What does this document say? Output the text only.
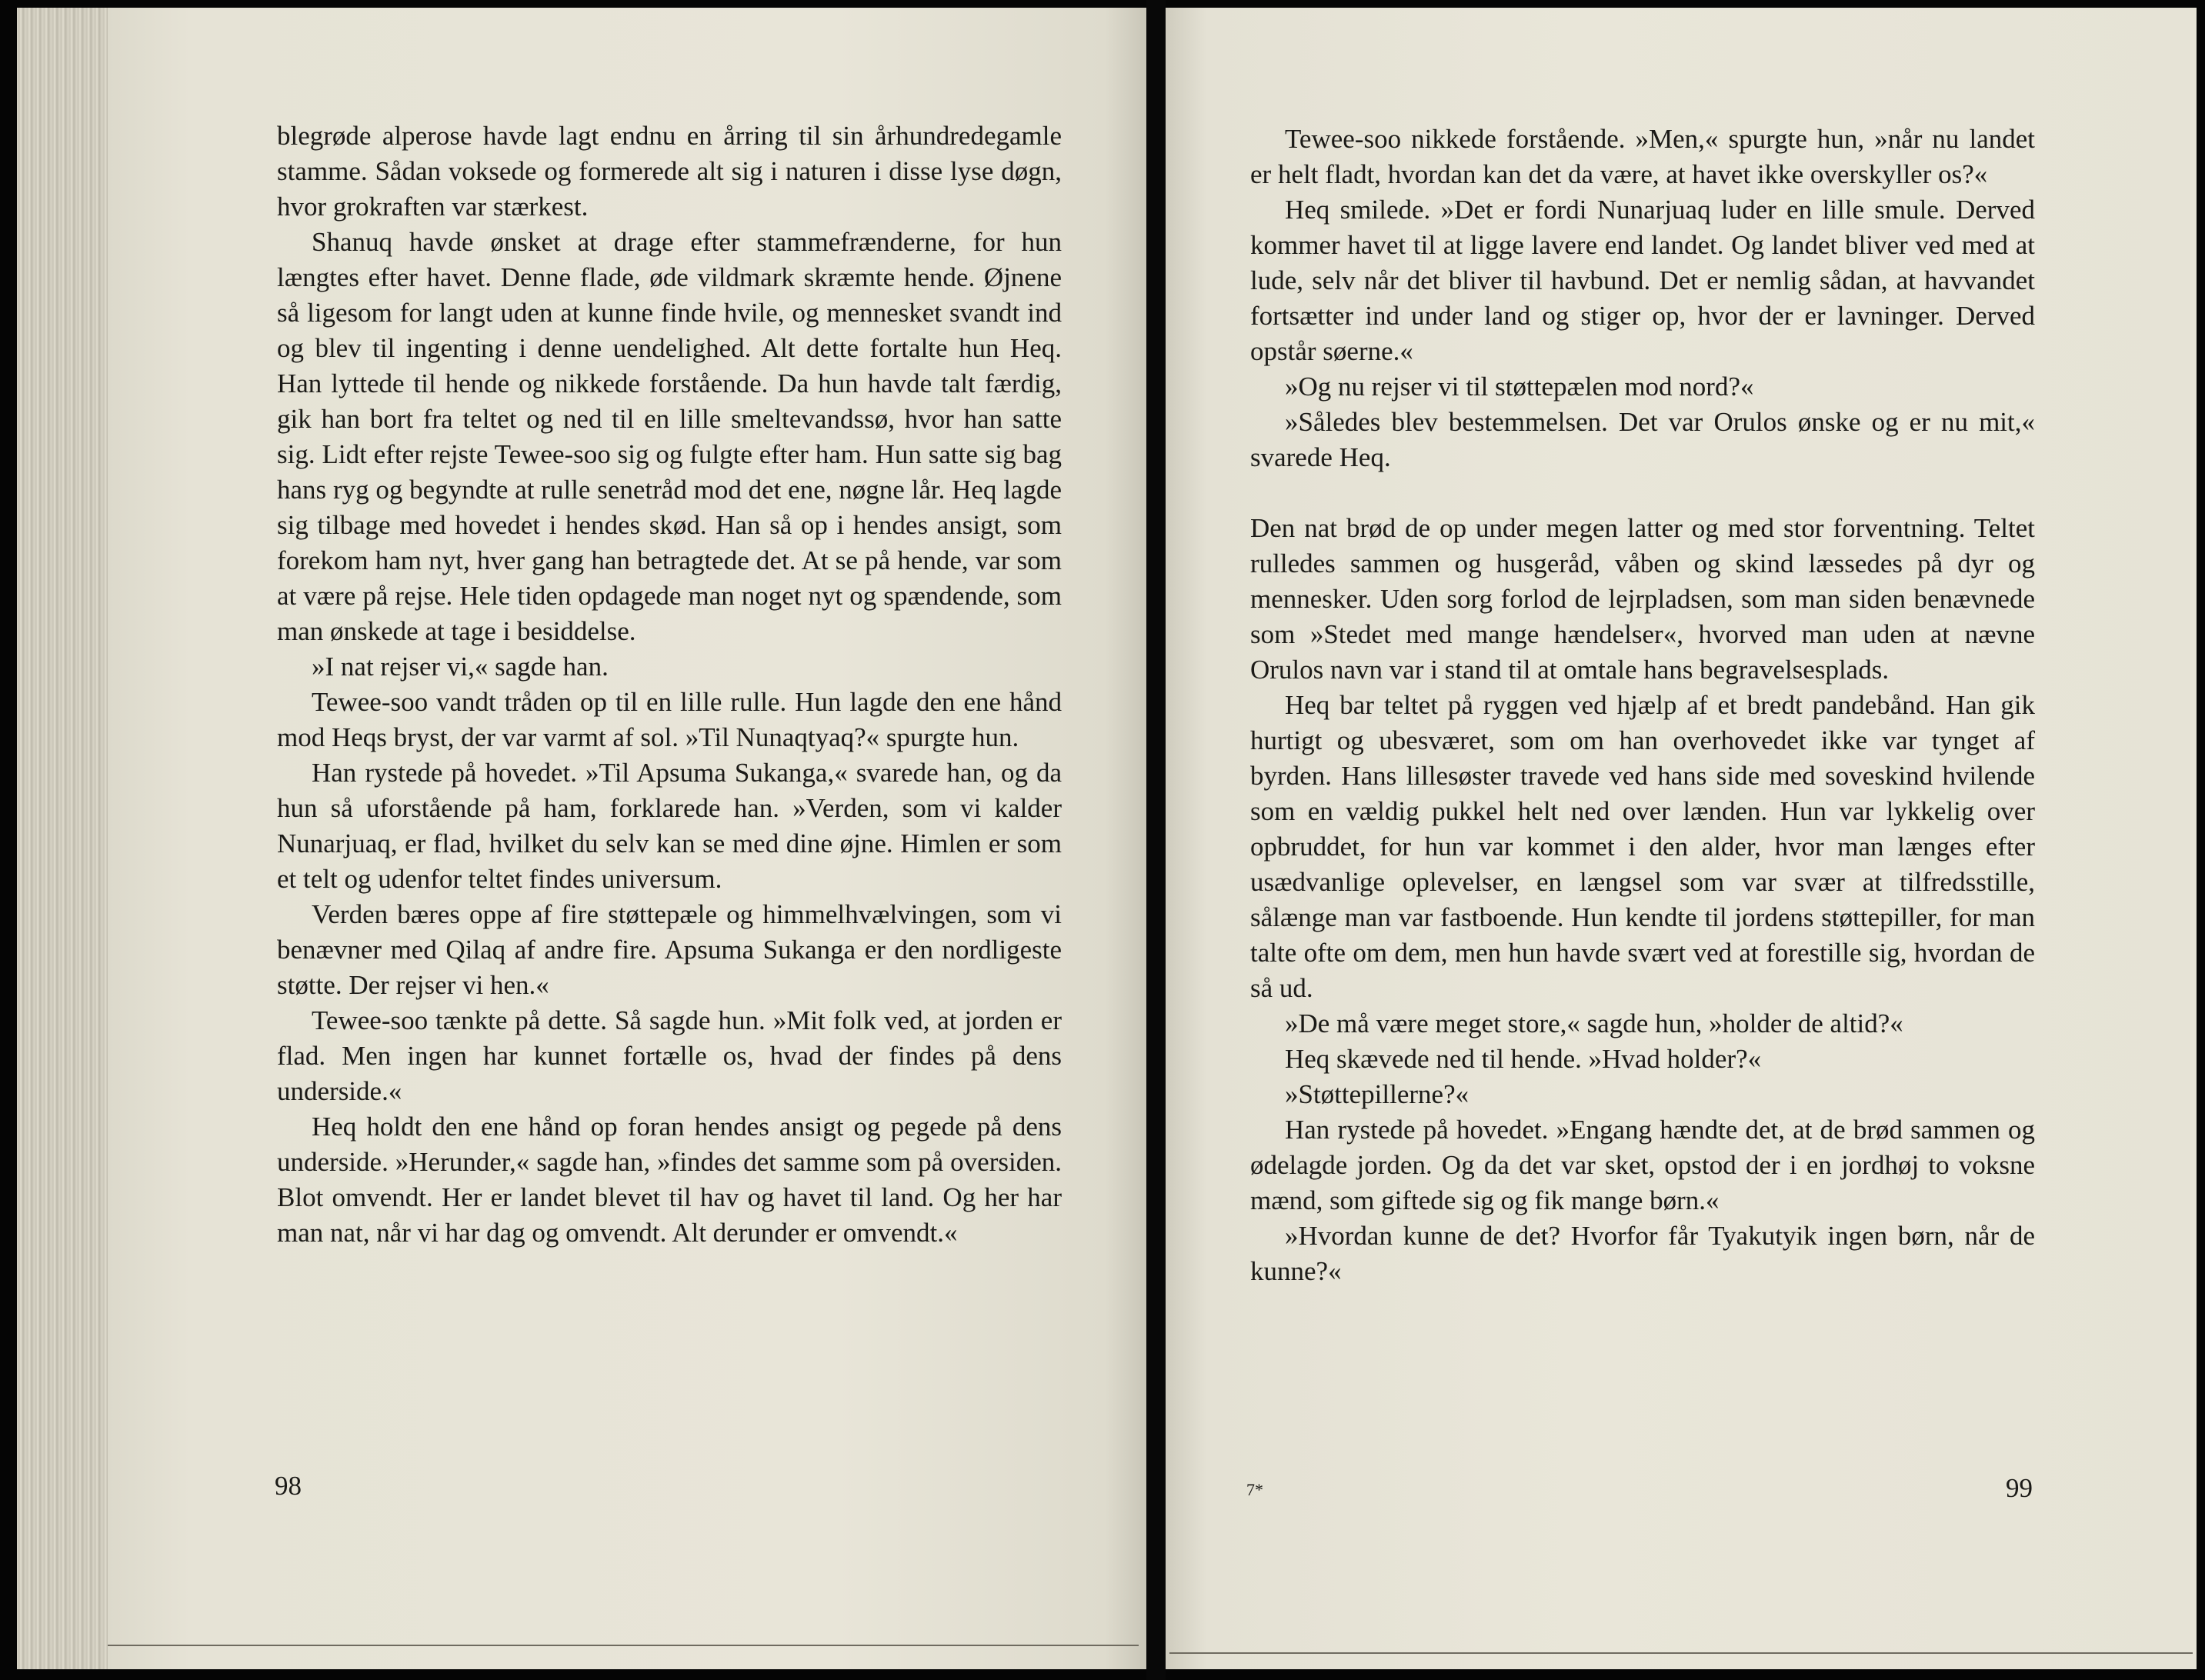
blegrøde alperose havde lagt endnu en årring til sin århundredegamle stamme. Sådan voksede og formerede alt sig i naturen i disse lyse døgn, hvor grokraften var stærkest.

Shanuq havde ønsket at drage efter stammefrænderne, for hun længtes efter havet. Denne flade, øde vildmark skræmte hende. Øjnene så ligesom for langt uden at kunne finde hvile, og mennesket svandt ind og blev til ingenting i denne uendelighed. Alt dette fortalte hun Heq. Han lyttede til hende og nikkede forstående. Da hun havde talt færdig, gik han bort fra teltet og ned til en lille smeltevandssø, hvor han satte sig. Lidt efter rejste Tewee-soo sig og fulgte efter ham. Hun satte sig bag hans ryg og begyndte at rulle senetråd mod det ene, nøgne lår. Heq lagde sig tilbage med hovedet i hendes skød. Han så op i hendes ansigt, som forekom ham nyt, hver gang han betragtede det. At se på hende, var som at være på rejse. Hele tiden opdagede man noget nyt og spændende, som man ønskede at tage i besiddelse.

»I nat rejser vi,« sagde han.

Tewee-soo vandt tråden op til en lille rulle. Hun lagde den ene hånd mod Heqs bryst, der var varmt af sol. »Til Nunaqtyaq?« spurgte hun.

Han rystede på hovedet. »Til Apsuma Sukanga,« svarede han, og da hun så uforstående på ham, forklarede han. »Verden, som vi kalder Nunarjuaq, er flad, hvilket du selv kan se med dine øjne. Himlen er som et telt og udenfor teltet findes universum.

Verden bæres oppe af fire støttepæle og himmelhvælvingen, som vi benævner med Qilaq af andre fire. Apsuma Sukanga er den nordligeste støtte. Der rejser vi hen.«

Tewee-soo tænkte på dette. Så sagde hun. »Mit folk ved, at jorden er flad. Men ingen har kunnet fortælle os, hvad der findes på dens underside.«

Heq holdt den ene hånd op foran hendes ansigt og pegede på dens underside. »Herunder,« sagde han, »findes det samme som på oversiden. Blot omvendt. Her er landet blevet til hav og havet til land. Og her har man nat, når vi har dag og omvendt. Alt derunder er omvendt.«

98

Tewee-soo nikkede forstående. »Men,« spurgte hun, »når nu landet er helt fladt, hvordan kan det da være, at havet ikke overskyller os?«

Heq smilede. »Det er fordi Nunarjuaq luder en lille smule. Derved kommer havet til at ligge lavere end landet. Og landet bliver ved med at lude, selv når det bliver til havbund. Det er nemlig sådan, at havvandet fortsætter ind under land og stiger op, hvor der er lavninger. Derved opstår søerne.«

»Og nu rejser vi til støttepælen mod nord?«

»Således blev bestemmelsen. Det var Orulos ønske og er nu mit,« svarede Heq.

Den nat brød de op under megen latter og med stor forventning. Teltet rulledes sammen og husgeråd, våben og skind læssedes på dyr og mennesker. Uden sorg forlod de lejrpladsen, som man siden benævnede som »Stedet med mange hændelser«, hvorved man uden at nævne Orulos navn var i stand til at omtale hans begravelsesplads.

Heq bar teltet på ryggen ved hjælp af et bredt pandebånd. Han gik hurtigt og ubesværet, som om han overhovedet ikke var tynget af byrden. Hans lillesøster travede ved hans side med soveskind hvilende som en vældig pukkel helt ned over lænden. Hun var lykkelig over opbruddet, for hun var kommet i den alder, hvor man længes efter usædvanlige oplevelser, en længsel som var svær at tilfredsstille, sålænge man var fastboende. Hun kendte til jordens støttepiller, for man talte ofte om dem, men hun havde svært ved at forestille sig, hvordan de så ud.

»De må være meget store,« sagde hun, »holder de altid?«

Heq skævede ned til hende. »Hvad holder?«

»Støttepillerne?«

Han rystede på hovedet. »Engang hændte det, at de brød sammen og ødelagde jorden. Og da det var sket, opstod der i en jordhøj to voksne mænd, som giftede sig og fik mange børn.«

»Hvordan kunne de det? Hvorfor får Tyakutyik ingen børn, når de kunne?«

7*	99
